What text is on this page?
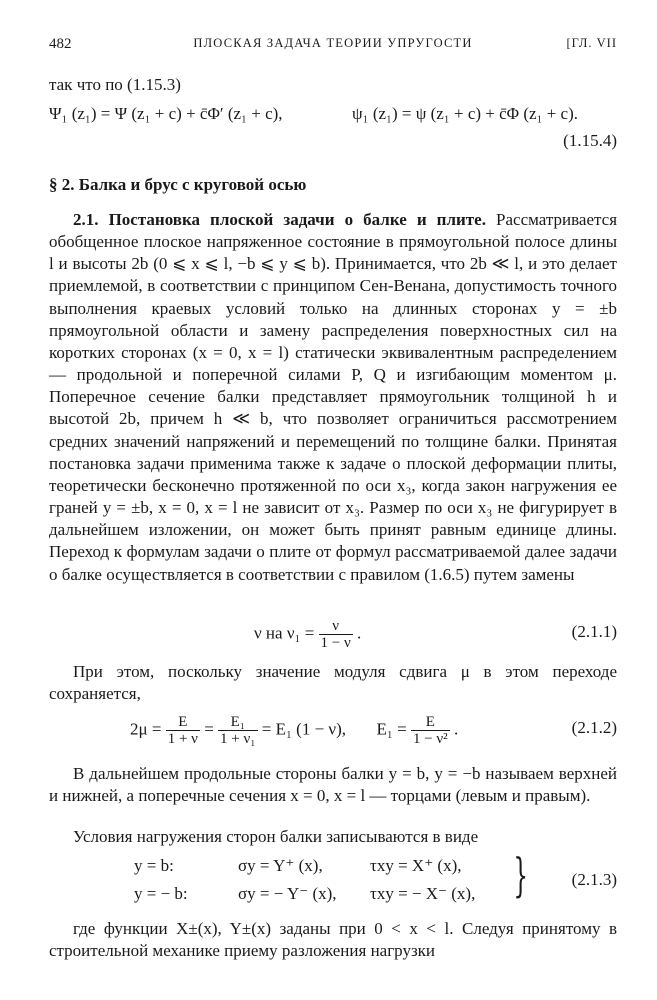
482	ПЛОСКАЯ ЗАДАЧА ТЕОРИИ УПРУГОСТИ	[ГЛ. VII
так что по (1.15.3)
Ψ₁ (z₁) = Ψ (z₁ + c) + c̄Φ′ (z₁ + c),	ψ₁ (z₁) = ψ (z₁ + c) + c̄Φ (z₁ + c).
(1.15.4)
§ 2. Балка и брус с круговой осью
2.1. Постановка плоской задачи о балке и плите. Рассматривается обобщенное плоское напряженное состояние в прямоугольной полосе длины l и высоты 2b (0 ⩽ x ⩽ l, −b ⩽ y ⩽ b). Принимается, что 2b ≪ l, и это делает приемлемой, в соответствии с принципом Сен-Венана, допустимость точного выполнения краевых условий только на длинных сторонах y = ±b прямоугольной области и замену распределения поверхностных сил на коротких сторонах (x = 0, x = l) статически эквивалентным распределением — продольной и поперечной силами P, Q и изгибающим моментом μ. Поперечное сечение балки представляет прямоугольник толщиной h и высотой 2b, причем h ≪ b, что позволяет ограничиться рассмотрением средних значений напряжений и перемещений по толщине балки. Принятая постановка задачи применима также к задаче о плоской деформации плиты, теоретически бесконечно протяженной по оси x₃, когда закон нагружения ее граней y = ±b, x = 0, x = l не зависит от x₃. Размер по оси x₃ не фигурирует в дальнейшем изложении, он может быть принят равным единице длины. Переход к формулам задачи о плите от формул рассматриваемой далее задачи о балке осуществляется в соответствии с правилом (1.6.5) путем замены
ν на $\nu_1 = \frac{\nu}{1 - \nu}$ .	(2.1.1)
При этом, поскольку значение модуля сдвига μ в этом переходе сохраняется,
$2\mu = \frac{E}{1 + \nu} = \frac{\text{E₁}}{\text{1 + ν₁}} = E_1$ (1 − ν), $E_1 = \frac{E}{\text{1 − ν²}}$ .	(2.1.2)
В дальнейшем продольные стороны балки y = b, y = −b называем верхней и нижней, а поперечные сечения x = 0, x = l — торцами (левым и правым).
Условия нагружения сторон балки записываются в виде
y = b:	σy = Y⁺ (x),	τxy = X⁺ (x),
y = − b:	σy = − Y⁻ (x), τxy = − X⁻ (x), }	(2.1.3)
где функции X±(x), Y±(x) заданы при 0 < x < l. Следуя принятому в строительной механике приему разложения нагрузки
